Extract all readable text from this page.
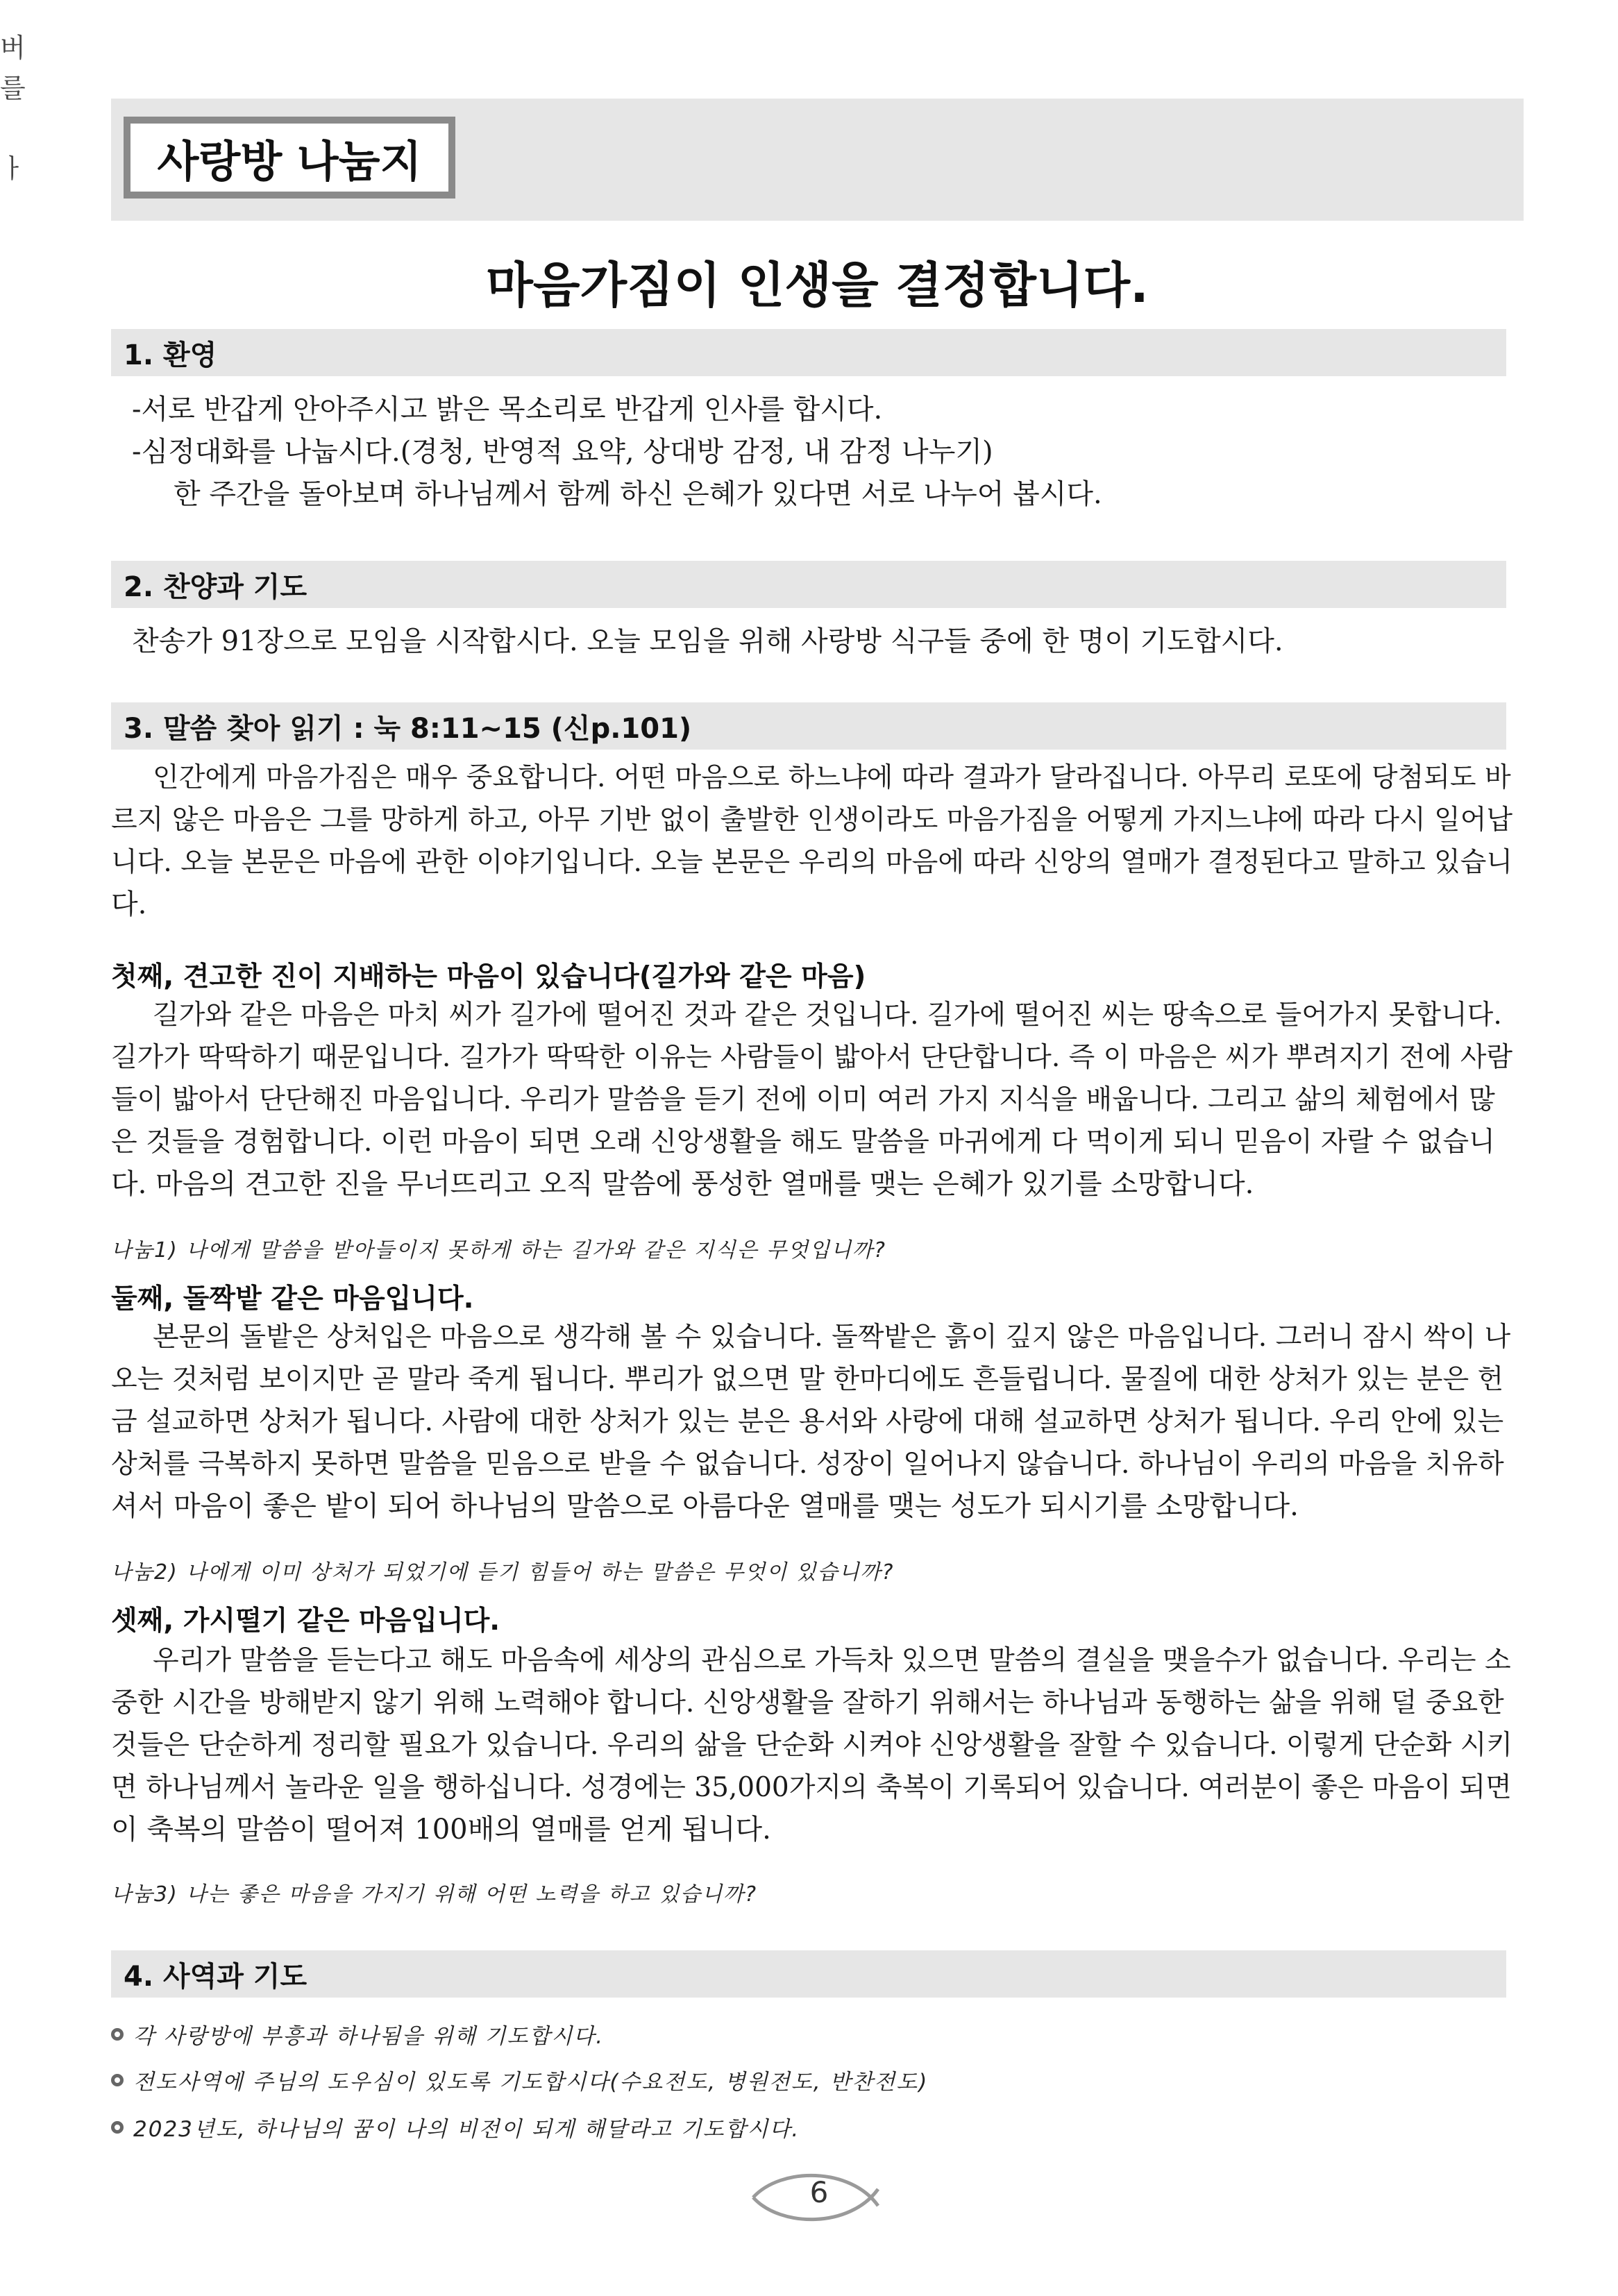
버
를
ㅏ	사랑방 나눔지
마음가짐이 인생을 결정합니다.
1. 환영
-서로 반갑게 안아주시고 밝은 목소리로 반갑게 인사를 합시다.
-심정대화를 나눕시다.(경청, 반영적 요약, 상대방 감정, 내 감정 나누기)
한 주간을 돌아보며 하나님께서 함께 하신 은혜가 있다면 서로 나누어 봅시다.
2. 찬양과 기도
찬송가 91장으로 모임을 시작합시다. 오늘 모임을 위해 사랑방 식구들 중에 한 명이 기도합시다.
3. 말씀 찾아 읽기 : 눅 8:11~15 (신p.101)
인간에게 마음가짐은 매우 중요합니다. 어떤 마음으로 하느냐에 따라 결과가 달라집니다. 아무리 로또에 당첨되도 바
르지 않은 마음은 그를 망하게 하고, 아무 기반 없이 출발한 인생이라도 마음가짐을 어떻게 가지느냐에 따라 다시 일어납
니다. 오늘 본문은 마음에 관한 이야기입니다. 오늘 본문은 우리의 마음에 따라 신앙의 열매가 결정된다고 말하고 있습니
다.
첫째, 견고한 진이 지배하는 마음이 있습니다(길가와 같은 마음)
길가와 같은 마음은 마치 씨가 길가에 떨어진 것과 같은 것입니다. 길가에 떨어진 씨는 땅속으로 들어가지 못합니다.
길가가 딱딱하기 때문입니다. 길가가 딱딱한 이유는 사람들이 밟아서 단단합니다. 즉 이 마음은 씨가 뿌려지기 전에 사람
들이 밟아서 단단해진 마음입니다. 우리가 말씀을 듣기 전에 이미 여러 가지 지식을 배웁니다. 그리고 삶의 체험에서 많
은 것들을 경험합니다. 이런 마음이 되면 오래 신앙생활을 해도 말씀을 마귀에게 다 먹이게 되니 믿음이 자랄 수 없습니
다. 마음의 견고한 진을 무너뜨리고 오직 말씀에 풍성한 열매를 맺는 은혜가 있기를 소망합니다.
나눔1) 나에게 말씀을 받아들이지 못하게 하는 길가와 같은 지식은 무엇입니까?
둘째, 돌짝밭 같은 마음입니다.
본문의 돌밭은 상처입은 마음으로 생각해 볼 수 있습니다. 돌짝밭은 흙이 깊지 않은 마음입니다. 그러니 잠시 싹이 나
오는 것처럼 보이지만 곧 말라 죽게 됩니다. 뿌리가 없으면 말 한마디에도 흔들립니다. 물질에 대한 상처가 있는 분은 헌
금 설교하면 상처가 됩니다. 사람에 대한 상처가 있는 분은 용서와 사랑에 대해 설교하면 상처가 됩니다. 우리 안에 있는
상처를 극복하지 못하면 말씀을 믿음으로 받을 수 없습니다. 성장이 일어나지 않습니다. 하나님이 우리의 마음을 치유하
셔서 마음이 좋은 밭이 되어 하나님의 말씀으로 아름다운 열매를 맺는 성도가 되시기를 소망합니다.
나눔2) 나에게 이미 상처가 되었기에 듣기 힘들어 하는 말씀은 무엇이 있습니까?
셋째, 가시떨기 같은 마음입니다.
우리가 말씀을 듣는다고 해도 마음속에 세상의 관심으로 가득차 있으면 말씀의 결실을 맺을수가 없습니다. 우리는 소
중한 시간을 방해받지 않기 위해 노력해야 합니다. 신앙생활을 잘하기 위해서는 하나님과 동행하는 삶을 위해 덜 중요한
것들은 단순하게 정리할 필요가 있습니다. 우리의 삶을 단순화 시켜야 신앙생활을 잘할 수 있습니다. 이렇게 단순화 시키
면 하나님께서 놀라운 일을 행하십니다. 성경에는 35,000가지의 축복이 기록되어 있습니다. 여러분이 좋은 마음이 되면
이 축복의 말씀이 떨어져 100배의 열매를 얻게 됩니다.
나눔3) 나는 좋은 마음을 가지기 위해 어떤 노력을 하고 있습니까?
4. 사역과 기도
각 사랑방에 부흥과 하나됨을 위해 기도합시다.
전도사역에 주님의 도우심이 있도록 기도합시다(수요전도, 병원전도, 반찬전도)
2023년도, 하나님의 꿈이 나의 비전이 되게 해달라고 기도합시다.
6
